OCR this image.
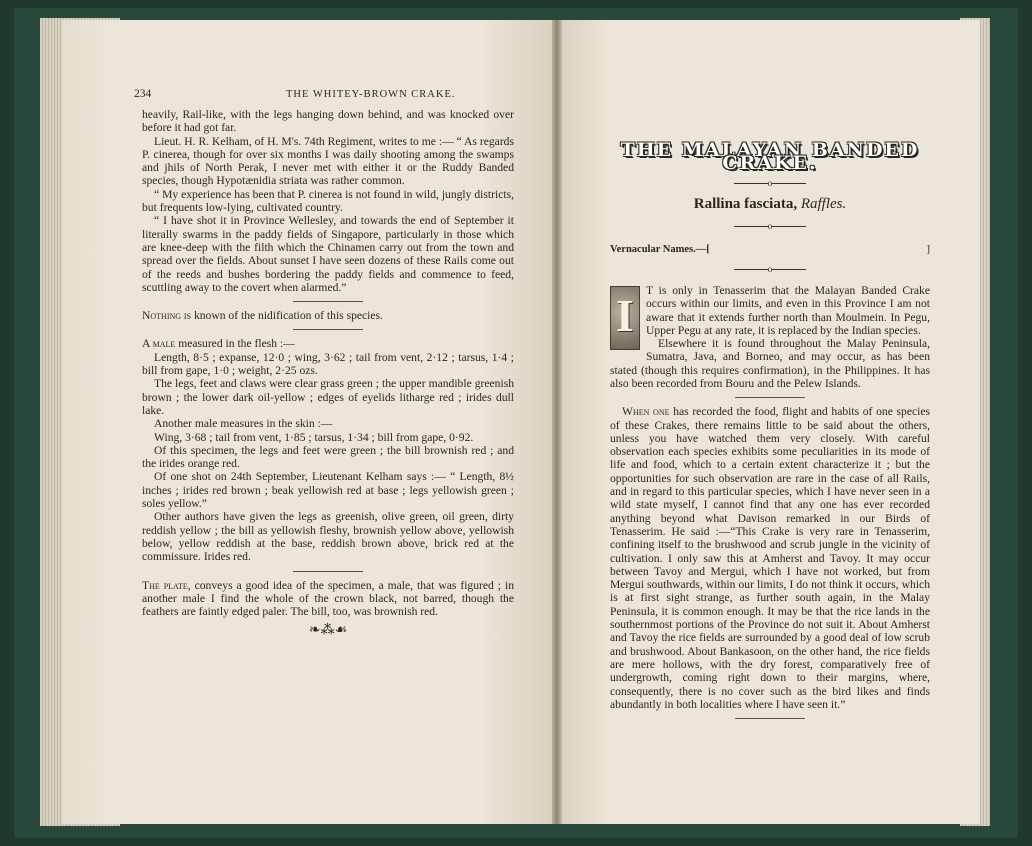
234	THE WHITEY-BROWN CRAKE.

heavily, Rail-like, with the legs hanging down behind, and was knocked over before it had got far.

Lieut. H. R. Kelham, of H. M's. 74th Regiment, writes to me :— “ As regards P. cinerea, though for over six months I was daily shooting among the swamps and jhils of North Perak, I never met with either it or the Ruddy Banded species, though Hypotænidia striata was rather common.

“ My experience has been that P. cinerea is not found in wild, jungly districts, but frequents low-lying, cultivated country.

“ I have shot it in Province Wellesley, and towards the end of September it literally swarms in the paddy fields of Singapore, particularly in those which are knee-deep with the filth which the Chinamen carry out from the town and spread over the fields. About sunset I have seen dozens of these Rails come out of the reeds and bushes bordering the paddy fields and commence to feed, scuttling away to the covert when alarmed.”

Nothing is known of the nidification of this species.

A male measured in the flesh :—

Length, 8·5 ; expanse, 12·0 ; wing, 3·62 ; tail from vent, 2·12 ; tarsus, 1·4 ; bill from gape, 1·0 ; weight, 2·25 ozs.

The legs, feet and claws were clear grass green ; the upper mandible greenish brown ; the lower dark oil-yellow ; edges of eyelids litharge red ; irides dull lake.

Another male measures in the skin :—

Wing, 3·68 ; tail from vent, 1·85 ; tarsus, 1·34 ; bill from gape, 0·92.

Of this specimen, the legs and feet were green ; the bill brownish red ; and the irides orange red.

Of one shot on 24th September, Lieutenant Kelham says :— “ Length, 8½ inches ; irides red brown ; beak yellowish red at base ; legs yellowish green ; soles yellow.”

Other authors have given the legs as greenish, olive green, oil green, dirty reddish yellow ; the bill as yellowish fleshy, brownish yellow above, yellowish below, yellow reddish at the base, reddish brown above, brick red at the commissure. Irides red.

The plate, conveys a good idea of the specimen, a male, that was figured ; in another male I find the whole of the crown black, not barred, though the feathers are faintly edged paler. The bill, too, was brownish red.

❧⁂☙
THE MALAYAN BANDED CRAKE.
o
Rallina fasciata, Raffles.
o
Vernacular Names.—[	]
o
I	T is only in Tenasserim that the Malayan Banded Crake occurs within our limits, and even in this Province I am not aware that it extends further north than Moulmein. In Pegu, Upper Pegu at any rate, it is replaced by the Indian species.

Elsewhere it is found throughout the Malay Peninsula, Sumatra, Java, and Borneo, and may occur, as has been stated (though this requires confirmation), in the Philippines. It has also been recorded from Bouru and the Pelew Islands.

When one has recorded the food, flight and habits of one species of these Crakes, there remains little to be said about the others, unless you have watched them very closely. With careful observation each species exhibits some peculiarities in its mode of life and food, which to a certain extent characterize it ; but the opportunities for such observation are rare in the case of all Rails, and in regard to this particular species, which I have never seen in a wild state myself, I cannot find that any one has ever recorded anything beyond what Davison remarked in our Birds of Tenasserim. He said :—“This Crake is very rare in Tenasserim, confining itself to the brushwood and scrub jungle in the vicinity of cultivation. I only saw this at Amherst and Tavoy. It may occur between Tavoy and Mergui, which I have not worked, but from Mergui southwards, within our limits, I do not think it occurs, which is at first sight strange, as further south again, in the Malay Peninsula, it is common enough. It may be that the rice lands in the southernmost portions of the Province do not suit it. About Amherst and Tavoy the rice fields are surrounded by a good deal of low scrub and brushwood. About Bankasoon, on the other hand, the rice fields are mere hollows, with the dry forest, comparatively free of undergrowth, coming right down to their margins, where, consequently, there is no cover such as the bird likes and finds abundantly in both localities where I have seen it.”
